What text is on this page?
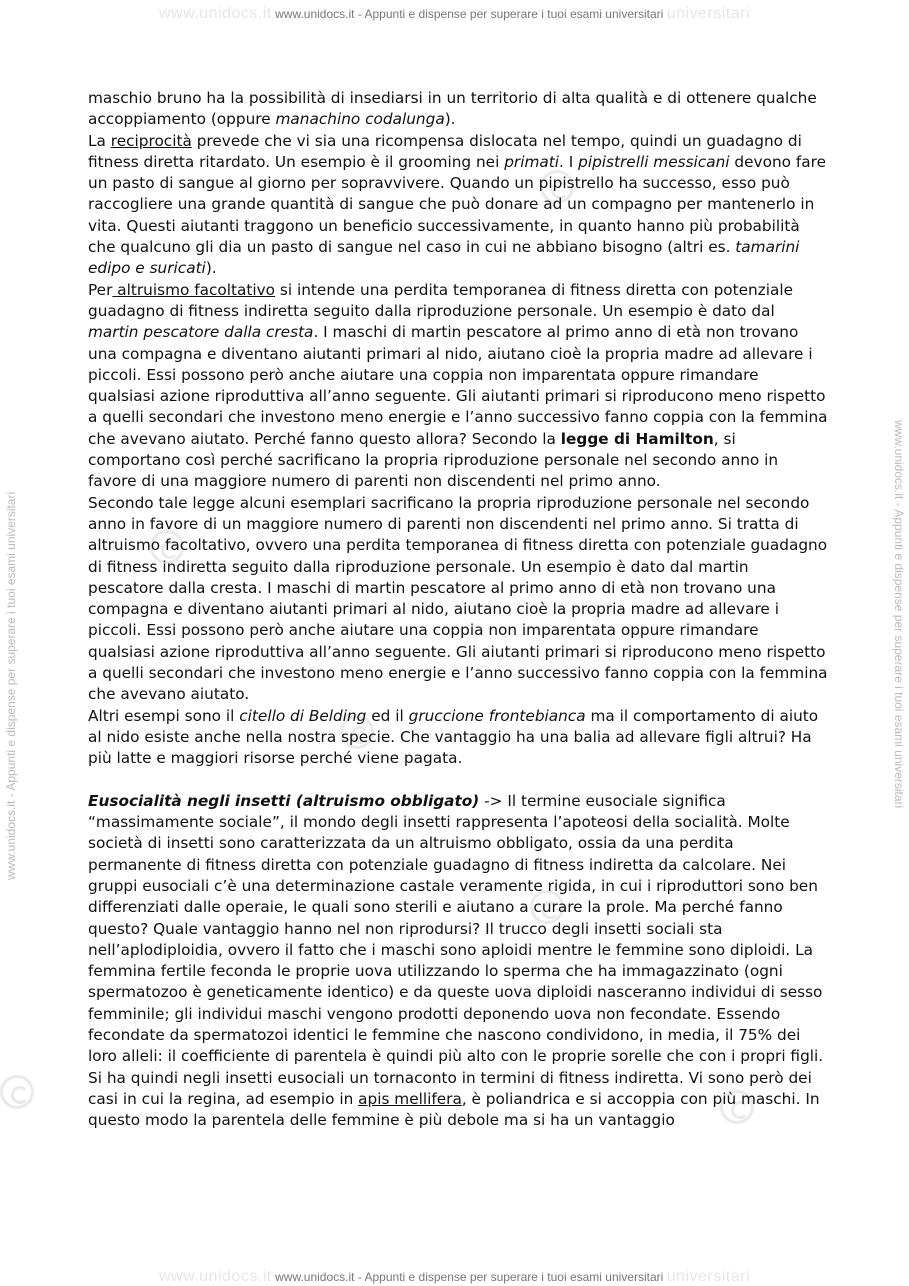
www.unidocs.it www.unidocs.it - Appunti e dispense per superare i tuoi esami universitari universitari
www.unidocs.it www.unidocs.it - Appunti e dispense per superare i tuoi esami universitari universitari
www.unidocs.it - Appunti e dispense per superare i tuoi esami universitari	www.unidocs.it - Appunti e dispense per superare i tuoi esami universitari

maschio bruno ha la possibilità di insediarsi in un territorio di alta qualità e di ottenere qualche accoppiamento (oppure manachino codalunga).

La reciprocità prevede che vi sia una ricompensa dislocata nel tempo, quindi un guadagno di fitness diretta ritardato. Un esempio è il grooming nei primati. I pipistrelli messicani devono fare un pasto di sangue al giorno per sopravvivere. Quando un pipistrello ha successo, esso può raccogliere una grande quantità di sangue che può donare ad un compagno per mantenerlo in vita. Questi aiutanti traggono un beneficio successivamente, in quanto hanno più probabilità che qualcuno gli dia un pasto di sangue nel caso in cui ne abbiano bisogno (altri es. tamarini edipo e suricati).

Per altruismo facoltativo si intende una perdita temporanea di fitness diretta con potenziale guadagno di fitness indiretta seguito dalla riproduzione personale. Un esempio è dato dal martin pescatore dalla cresta. I maschi di martin pescatore al primo anno di età non trovano una compagna e diventano aiutanti primari al nido, aiutano cioè la propria madre ad allevare i piccoli. Essi possono però anche aiutare una coppia non imparentata oppure rimandare qualsiasi azione riproduttiva all’anno seguente. Gli aiutanti primari si riproducono meno rispetto a quelli secondari che investono meno energie e l’anno successivo fanno coppia con la femmina che avevano aiutato. Perché fanno questo allora? Secondo la legge di Hamilton, si comportano così perché sacrificano la propria riproduzione personale nel secondo anno in favore di una maggiore numero di parenti non discendenti nel primo anno.

Secondo tale legge alcuni esemplari sacrificano la propria riproduzione personale nel secondo anno in favore di un maggiore numero di parenti non discendenti nel primo anno. Si tratta di altruismo facoltativo, ovvero una perdita temporanea di fitness diretta con potenziale guadagno di fitness indiretta seguito dalla riproduzione personale. Un esempio è dato dal martin pescatore dalla cresta. I maschi di martin pescatore al primo anno di età non trovano una compagna e diventano aiutanti primari al nido, aiutano cioè la propria madre ad allevare i piccoli. Essi possono però anche aiutare una coppia non imparentata oppure rimandare qualsiasi azione riproduttiva all’anno seguente. Gli aiutanti primari si riproducono meno rispetto a quelli secondari che investono meno energie e l’anno successivo fanno coppia con la femmina che avevano aiutato.

Altri esempi sono il citello di Belding ed il gruccione frontebianca ma il comportamento di aiuto al nido esiste anche nella nostra specie. Che vantaggio ha una balia ad allevare figli altrui? Ha più latte e maggiori risorse perché viene pagata.

Eusocialità negli insetti (altruismo obbligato) -> Il termine eusociale significa “massimamente sociale”, il mondo degli insetti rappresenta l’apoteosi della socialità. Molte società di insetti sono caratterizzata da un altruismo obbligato, ossia da una perdita permanente di fitness diretta con potenziale guadagno di fitness indiretta da calcolare. Nei gruppi eusociali c’è una determinazione castale veramente rigida, in cui i riproduttori sono ben differenziati dalle operaie, le quali sono sterili e aiutano a curare la prole. Ma perché fanno questo? Quale vantaggio hanno nel non riprodursi? Il trucco degli insetti sociali sta nell’aplodiploidia, ovvero il fatto che i maschi sono aploidi mentre le femmine sono diploidi. La femmina fertile feconda le proprie uova utilizzando lo sperma che ha immagazzinato (ogni spermatozoo è geneticamente identico) e da queste uova diploidi nasceranno individui di sesso femminile; gli individui maschi vengono prodotti deponendo uova non fecondate. Essendo fecondate da spermatozoi identici le femmine che nascono condividono, in media, il 75% dei loro alleli: il coefficiente di parentela è quindi più alto con le proprie sorelle che con i propri figli. Si ha quindi negli insetti eusociali un tornaconto in termini di fitness indiretta. Vi sono però dei casi in cui la regina, ad esempio in apis mellifera, è poliandrica e si accoppia con più maschi. In questo modo la parentela delle femmine è più debole ma si ha un vantaggio
